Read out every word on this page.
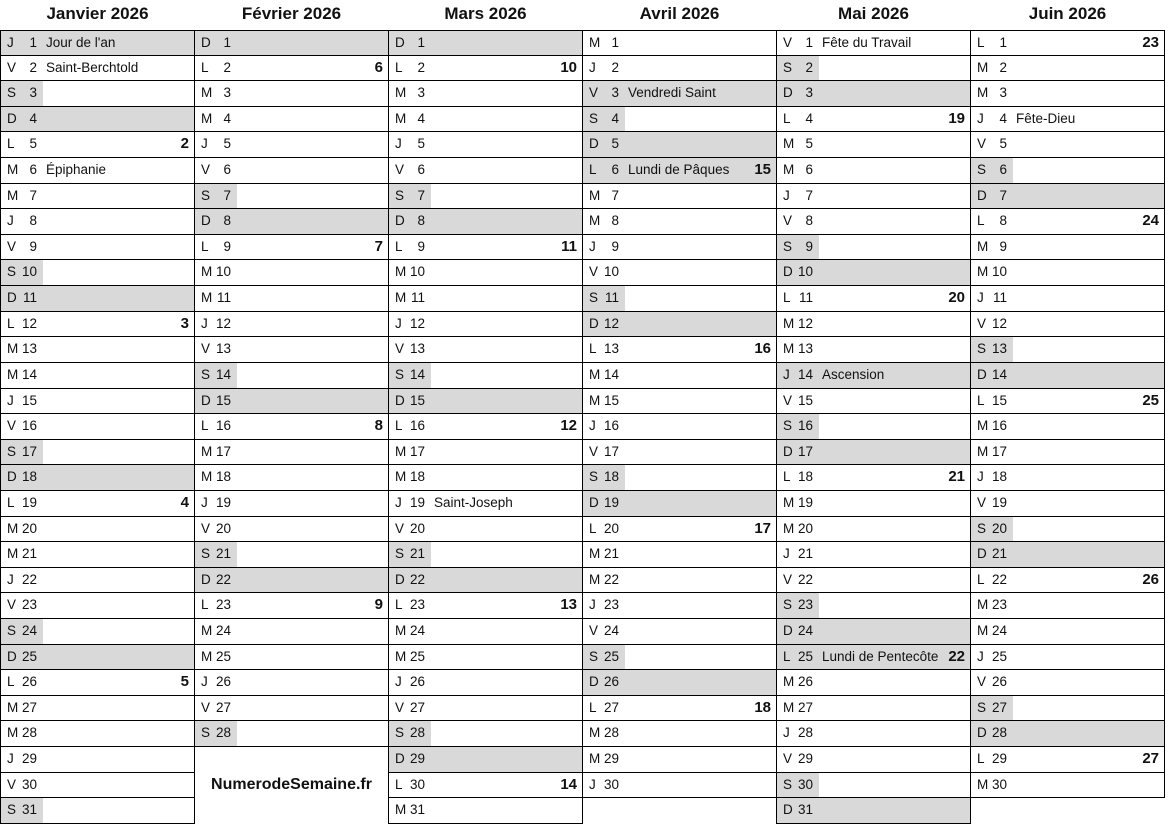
Janvier 2026
J 1 Jour de l'an
V 2 Saint-Berchtold
S 3
D 4
L 5	2
M 6 Épiphanie
M 7
J 8
V 9
S 10
D 11
L 12	3
M 13
M 14
J 15
V 16
S 17
D 18
L 19	4
M 20
M 21
J 22
V 23
S 24
D 25
L 26	5
M 27
M 28
J 29
V 30
S 31
Février 2026
D 1
L 2	6
M 3
M 4
J 5
V 6
S 7
D 8
L 9	7
M 10
M 11
J 12
V 13
S 14
D 15
L 16	8
M 17
M 18
J 19
V 20
S 21
D 22
L 23	9
M 24
M 25
J 26
V 27
S 28
NumerodeSemaine.fr
Mars 2026
D 1
L 2	10
M 3
M 4
J 5
V 6
S 7
D 8
L 9	11
M 10
M 11
J 12
V 13
S 14
D 15
L 16	12
M 17
M 18
J 19 Saint-Joseph
V 20
S 21
D 22
L 23	13
M 24
M 25
J 26
V 27
S 28
D 29
L 30	14
M 31
Avril 2026
M 1
J 2
V 3 Vendredi Saint
S 4
D 5
L 6 Lundi de Pâques 15
M 7
M 8
J 9
V 10
S 11
D 12
L 13	16
M 14
M 15
J 16
V 17
S 18
D 19
L 20	17
M 21
M 22
J 23
V 24
S 25
D 26
L 27	18
M 28
M 29
J 30
Mai 2026
V 1 Fête du Travail
S 2
D 3
L 4	19
M 5
M 6
J 7
V 8
S 9
D 10
L 11	20
M 12
M 13
J 14 Ascension
V 15
S 16
D 17
L 18	21
M 19
M 20
J 21
V 22
S 23
D 24
L 25 Lundi de Pentecôte 22
M 26
M 27
J 28
V 29
S 30
D 31
Juin 2026
L 1	23
M 2
M 3
J 4 Fête-Dieu
V 5
S 6
D 7
L 8	24
M 9
M 10
J 11
V 12
S 13
D 14
L 15	25
M 16
M 17
J 18
V 19
S 20
D 21
L 22	26
M 23
M 24
J 25
V 26
S 27
D 28
L 29	27
M 30
